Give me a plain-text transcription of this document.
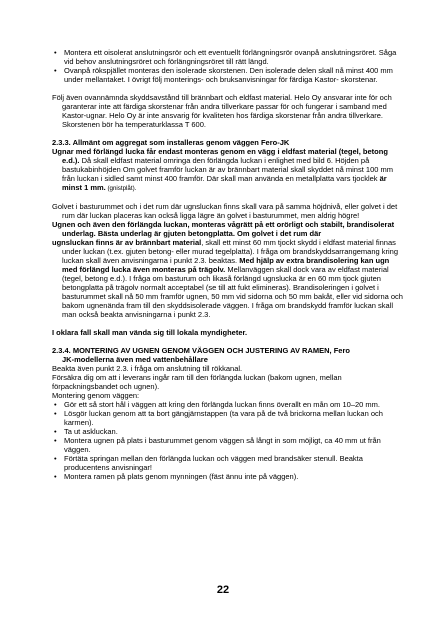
• Montera ett oisolerat anslutningsrör och ett eventuellt förlängningsrör ovanpå anslutningsröret. Såga vid behov anslutningsröret och förlängningsröret till rätt längd.
• Ovanpå rökspjället monteras den isolerade skorstenen. Den isolerade delen skall nå minst 400 mm under mellantaket. I övrigt följ monterings- och bruksanvisningar för färdiga Kastor- skorstenar.

Följ även ovannämnda skyddsavstånd till brännbart och eldfast material. Helo Oy ansvarar inte för och garanterar inte att färdiga skorstenar från andra tillverkare passar för och fungerar i samband med Kastor-ugnar. Helo Oy är inte ansvarig för kvaliteten hos färdiga skorstenar från andra tillverkare. Skorstenen bör ha temperaturklassa T 600.

2.3.3. Allmänt om aggregat som installeras genom väggen Fero-JK

Ugnar med förlängd lucka får endast monteras genom en vägg i eldfast material (tegel, betong e.d.). Då skall eldfast material omringa den förlängda luckan i enlighet med bild 6. Höjden på bastukabinhöjden Om golvet framför luckan är av brännbart material skall skyddet nå minst 100 mm från luckan i sidled samt minst 400 framför. Där skall man använda en metallplatta vars tjocklek är minst 1 mm. (gnistplåt).

Golvet i basturummet och i det rum där ugnsluckan finns skall vara på samma höjdnivå, eller golvet i det rum där luckan placeras kan också ligga lägre än golvet i basturummet, men aldrig högre!

Ugnen och även den förlängda luckan, monteras vågrätt på ett orörligt och stabilt, brandisolerat underlag. Bästa underlag är gjuten betongplatta. Om golvet i det rum där

ugnsluckan finns är av brännbart material, skall ett minst 60 mm tjockt skydd i eldfast material finnas under luckan (t.ex. gjuten betong- eller murad tegelplatta). I fråga om brandskyddsarrangemang kring luckan skall även anvisningarna i punkt 2.3. beaktas. Med hjälp av extra brandisolering kan ugn med förlängd lucka även monteras på trägolv. Mellanväggen skall dock vara av eldfast material (tegel, betong e.d.). I fråga om basturum och likaså förlängd ugnslucka är en 60 mm tjock gjuten betongplatta på trägolv normalt acceptabel (se till att fukt elimineras). Brandisoleringen i golvet i basturummet skall nå 50 mm framför ugnen, 50 mm vid sidorna och 50 mm bakåt, eller vid sidorna och bakom ugnenända fram till den skyddsisolerade väggen. I fråga om brandskydd framför luckan skall man också beakta anvisningarna i punkt 2.3.

I oklara fall skall man vända sig till lokala myndigheter.

2.3.4. MONTERING AV UGNEN GENOM VÄGGEN OCH JUSTERING AV RAMEN, Fero
JK-modellerna även med vattenbehållare

Beakta även punkt 2.3. i fråga om anslutning till rökkanal.

Försäkra dig om att i leverans ingår ram till den förlängda luckan (bakom ugnen, mellan förpackningsbandet och ugnen).

Montering genom väggen:

• Gör ett så stort hål i väggen att kring den förlängda luckan finns överallt en mån om 10–20 mm.
• Lösgör luckan genom att ta bort gängjärnstappen (ta vara på de två brickorna mellan luckan och karmen).
• Ta ut askluckan.
• Montera ugnen på plats i basturummet genom väggen så långt in som möjligt, ca 40 mm ut från väggen.
• Förtäta springan mellan den förlängda luckan och väggen med brandsäker stenull. Beakta producentens anvisningar!
• Montera ramen på plats genom mynningen (fäst ännu inte på väggen).
22
